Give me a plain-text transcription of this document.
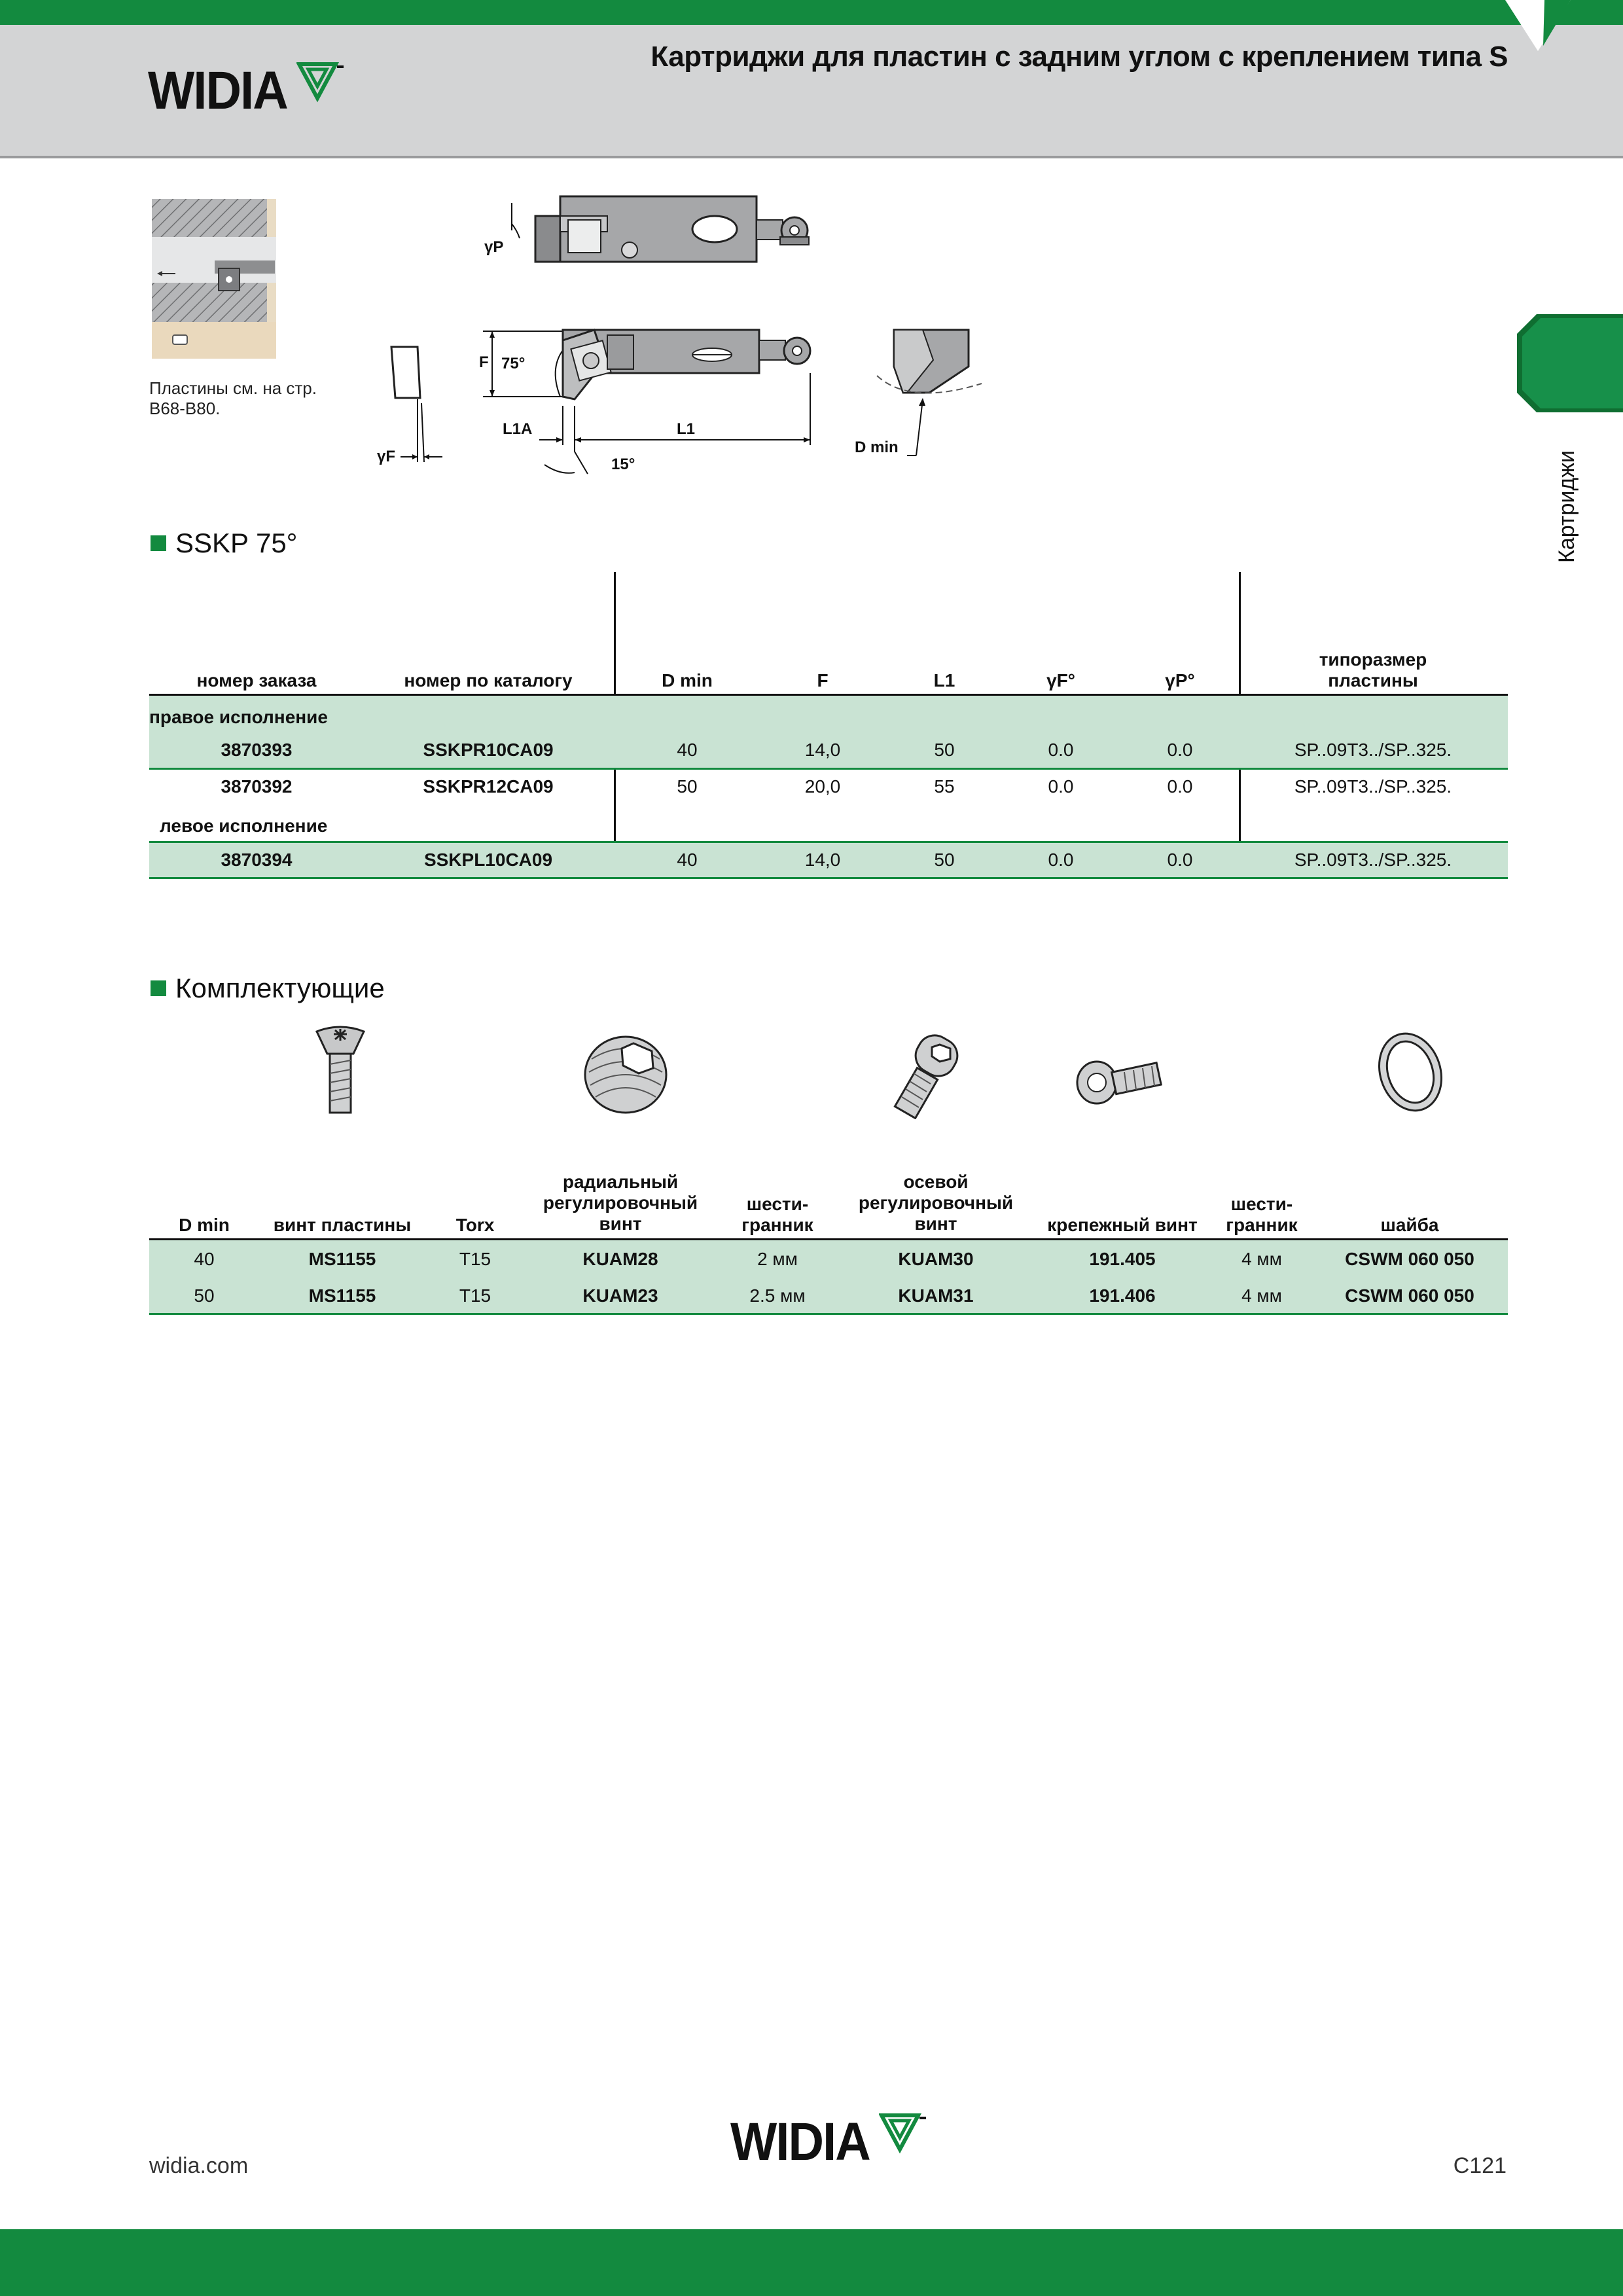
Картриджи для пластин с задним углом с креплением типа S
WIDIA
Картриджи
Пластины см. на стр.
B68-B80.
γP
F 75°
L1A	L1
15°
γF
D min
SSKP 75°
номер заказа	номер по каталогу	D min	F	L1	γF°	γP°
типоразмер
пластины
правое исполнение
3870393	SSKPR10CA09	40	14,0	50	0.0	0.0	SP..09T3../SP..325.
3870392	SSKPR12CA09	50	20,0	55	0.0	0.0	SP..09T3../SP..325.
левое исполнение
3870394	SSKPL10CA09	40	14,0	50	0.0	0.0	SP..09T3../SP..325.
Комплектующие
D min винт пластины Torx
радиальный
регулировочный
винт
шести-
гранник
осевой
регулировочный
винт	крепежный винт
шести-
гранник	шайба
40	MS1155	T15	KUAM28	2 мм	KUAM30	191.405	4 мм	CSWM 060 050
50	MS1155	T15	KUAM23	2.5 мм	KUAM31	191.406	4 мм	CSWM 060 050
widia.com	WIDIA	C121
